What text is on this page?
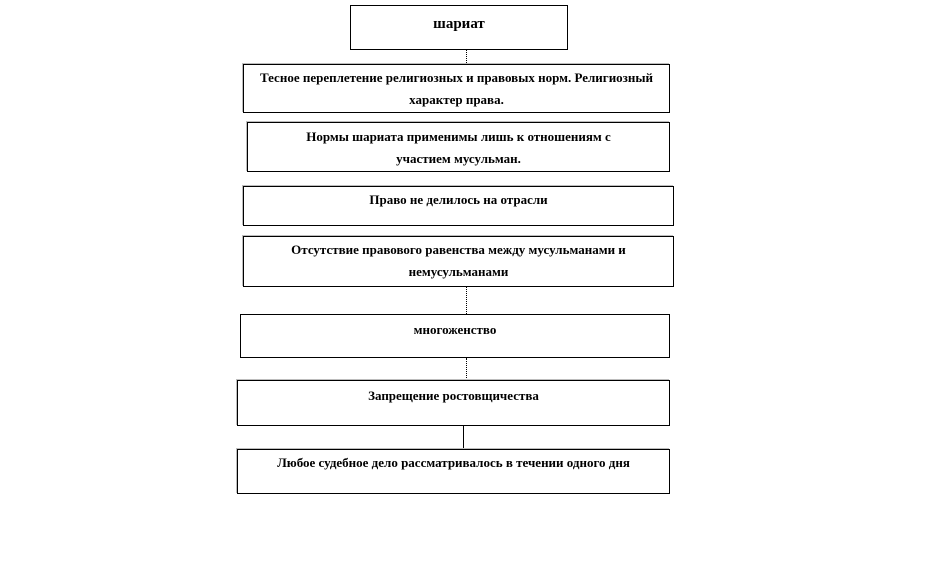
шариат
Тесное переплетение религиозных и правовых норм. Религиозный характер права.
Нормы шариата применимы лишь к отношениям с участием мусульман.
Право не делилось на отрасли
Отсутствие правового равенства между мусульманами и немусульманами
многоженство
Запрещение ростовщичества
Любое судебное дело рассматривалось в течении одного дня
